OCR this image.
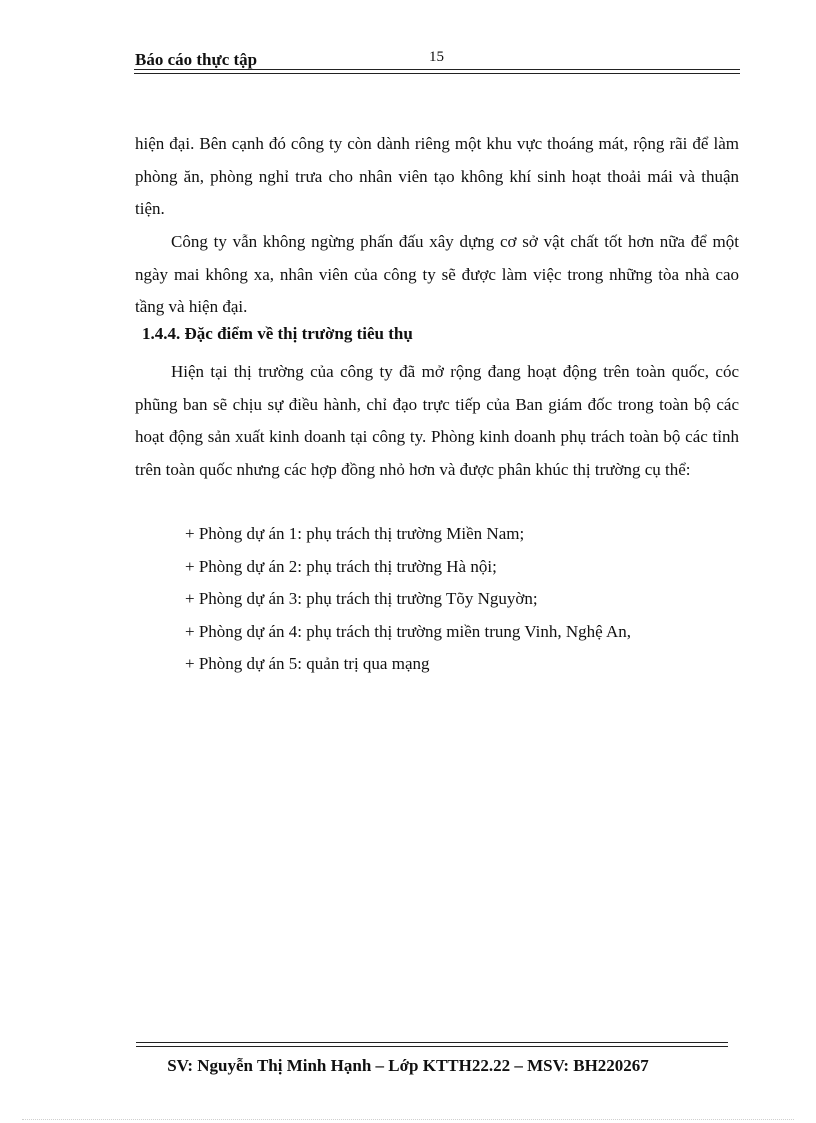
Báo cáo thực tập	15

hiện đại. Bên cạnh đó công ty còn dành riêng một khu vực thoáng mát, rộng rãi để làm phòng ăn, phòng nghỉ trưa cho nhân viên tạo không khí sinh hoạt thoải mái và thuận tiện.

Công ty vẫn không ngừng phấn đấu xây dựng cơ sở vật chất tốt hơn nữa để một ngày mai không xa, nhân viên của công ty sẽ được làm việc trong những tòa nhà cao tầng và hiện đại.

1.4.4. Đặc điểm về thị trường tiêu thụ

Hiện tại thị trường của công ty đã mở rộng đang hoạt động trên toàn quốc, cóc phũng ban sẽ chịu sự điều hành, chỉ đạo trực tiếp của Ban giám đốc trong toàn bộ các hoạt động sản xuất kinh doanh tại công ty. Phòng kinh doanh phụ trách toàn bộ các tỉnh trên toàn quốc nhưng các hợp đồng nhỏ hơn và được phân khúc thị trường cụ thể:

+ Phòng dự án 1: phụ trách thị trường Miền Nam;
+ Phòng dự án 2: phụ trách thị trường Hà nội;
+ Phòng dự án 3: phụ trách thị trường Tõy Nguyờn;
+ Phòng dự án 4: phụ trách thị trường miền trung Vinh, Nghệ An,
+ Phòng dự án 5: quản trị qua mạng
SV: Nguyễn Thị Minh Hạnh – Lớp KTTH22.22 – MSV: BH220267
